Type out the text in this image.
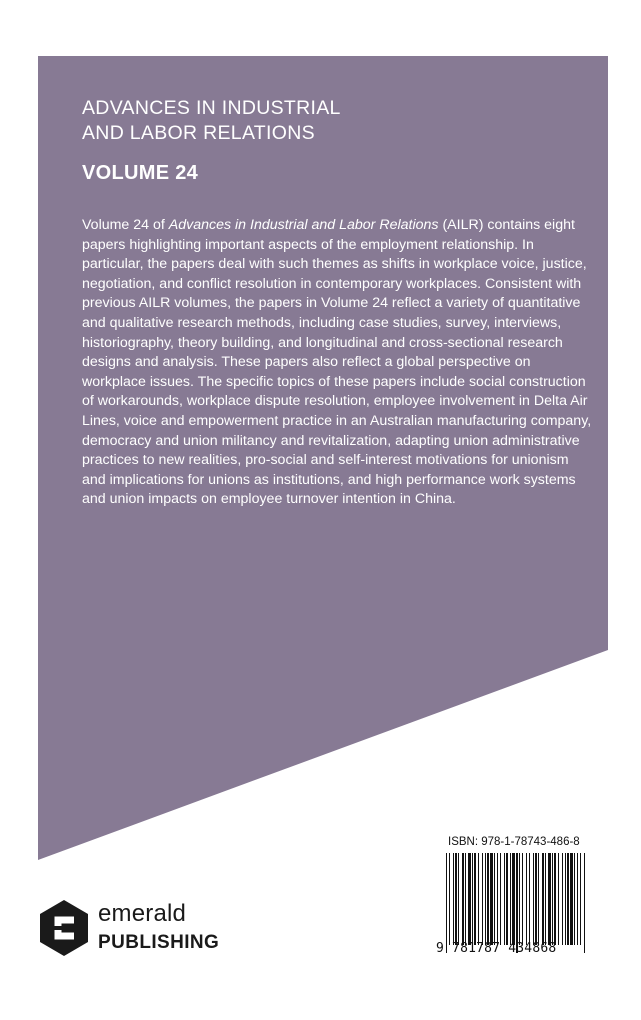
ADVANCES IN INDUSTRIAL
AND LABOR RELATIONS
VOLUME 24

Volume 24 of Advances in Industrial and Labor Relations (AILR) contains eight papers highlighting important aspects of the employment relationship. In particular, the papers deal with such themes as shifts in workplace voice, justice, negotiation, and conflict resolution in contemporary workplaces. Consistent with previous AILR volumes, the papers in Volume 24 reflect a variety of quantitative and qualitative research methods, including case studies, survey, interviews, historiography, theory building, and longitudinal and cross-sectional research designs and analysis. These papers also reflect a global perspective on workplace issues. The specific topics of these papers include social construction of workarounds, workplace dispute resolution, employee involvement in Delta Air Lines, voice and empowerment practice in an Australian manufacturing company, democracy and union militancy and revitalization, adapting union administrative practices to new realities, pro-social and self-interest motivations for unionism and implications for unions as institutions, and high performance work systems and union impacts on employee turnover intention in China.

ISBN: 978-1-78743-486-8
9 781787 434868
emerald
PUBLISHING
